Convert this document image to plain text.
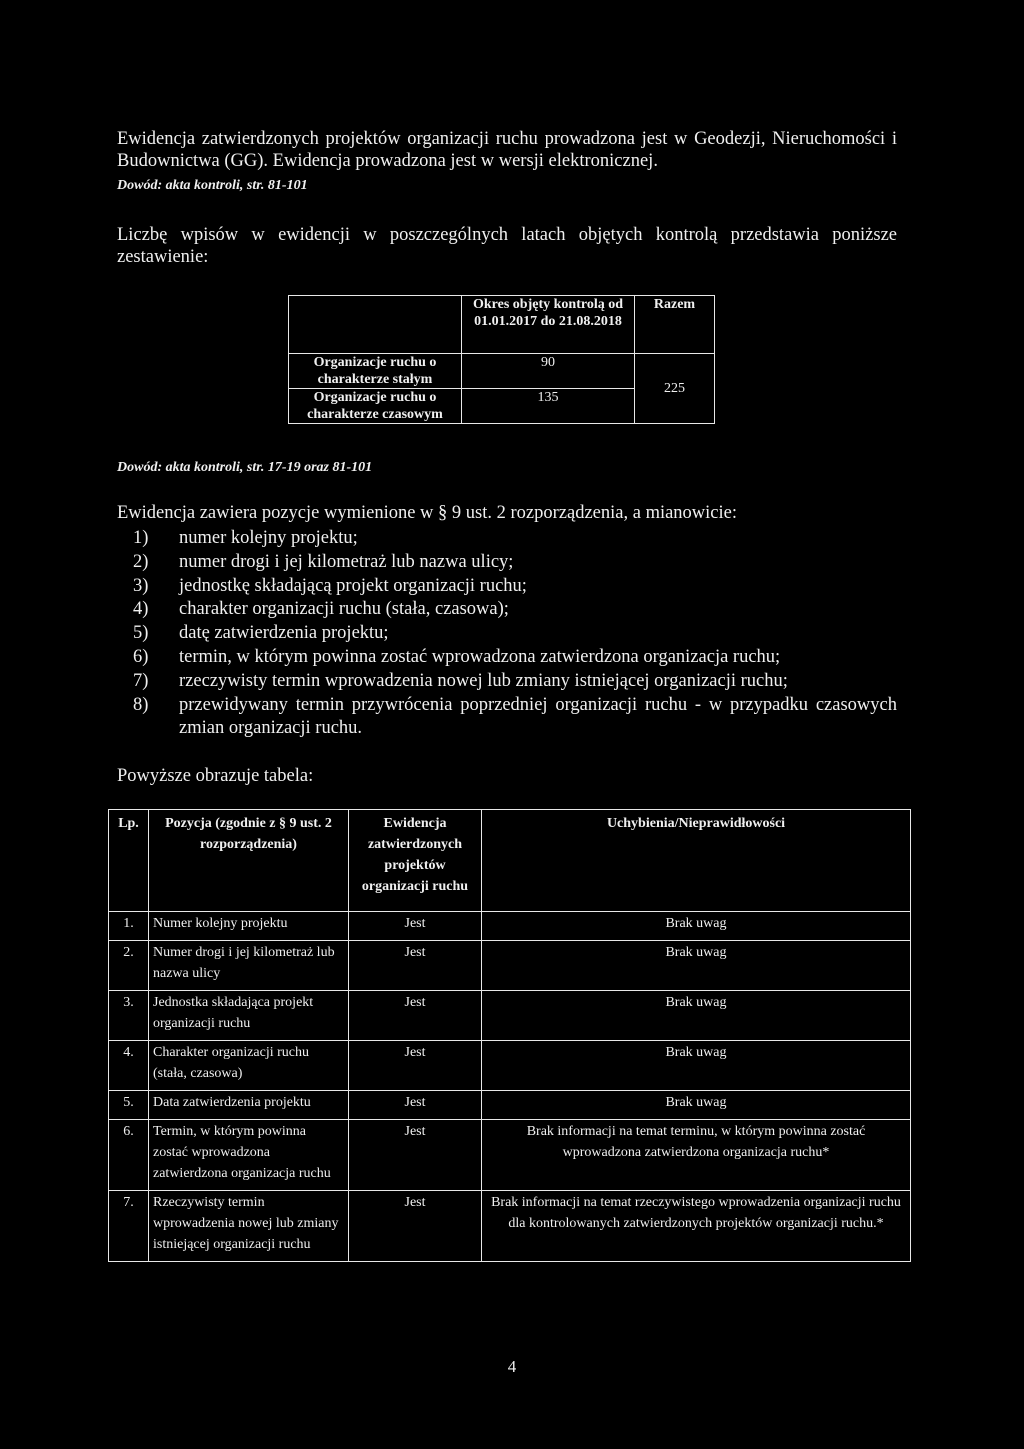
Ewidencja zatwierdzonych projektów organizacji ruchu prowadzona jest w Geodezji, Nieruchomości i Budownictwa (GG). Ewidencja prowadzona jest w wersji elektronicznej.

Dowód: akta kontroli, str. 81-101

Liczbę wpisów w ewidencji w poszczególnych latach objętych kontrolą przedstawia poniższe zestawienie:

	Okres objęty kontrolą od 01.01.2017 do 21.08.2018	Razem
Organizacje ruchu o charakterze stałym	90	225
Organizacje ruchu o charakterze czasowym	135	

Dowód: akta kontroli, str. 17-19 oraz 81-101

Ewidencja zawiera pozycje wymienione w § 9 ust. 2 rozporządzenia, a mianowicie:

1)	numer kolejny projektu;
2)	numer drogi i jej kilometraż lub nazwa ulicy;
3)	jednostkę składającą projekt organizacji ruchu;
4)	charakter organizacji ruchu (stała, czasowa);
5)	datę zatwierdzenia projektu;
6)	termin, w którym powinna zostać wprowadzona zatwierdzona organizacja ruchu;
7)	rzeczywisty termin wprowadzenia nowej lub zmiany istniejącej organizacji ruchu;
8)	przewidywany termin przywrócenia poprzedniej organizacji ruchu - w przypadku czasowych zmian organizacji ruchu.

Powyższe obrazuje tabela:

Lp.	Pozycja (zgodnie z § 9 ust. 2 rozporządzenia)	Ewidencja zatwierdzonych projektów organizacji ruchu	Uchybienia/Nieprawidłowości
1.	Numer kolejny projektu	Jest	Brak uwag
2.	Numer drogi i jej kilometraż lub nazwa ulicy	Jest	Brak uwag
3.	Jednostka składająca projekt organizacji ruchu	Jest	Brak uwag
4.	Charakter organizacji ruchu (stała, czasowa)	Jest	Brak uwag
5.	Data zatwierdzenia projektu	Jest	Brak uwag
6.	Termin, w którym powinna zostać wprowadzona zatwierdzona organizacja ruchu	Jest	Brak informacji na temat terminu, w którym powinna zostać wprowadzona zatwierdzona organizacja ruchu*
7.	Rzeczywisty termin wprowadzenia nowej lub zmiany istniejącej organizacji ruchu	Jest	Brak informacji na temat rzeczywistego wprowadzenia organizacji ruchu dla kontrolowanych zatwierdzonych projektów organizacji ruchu.*
4
